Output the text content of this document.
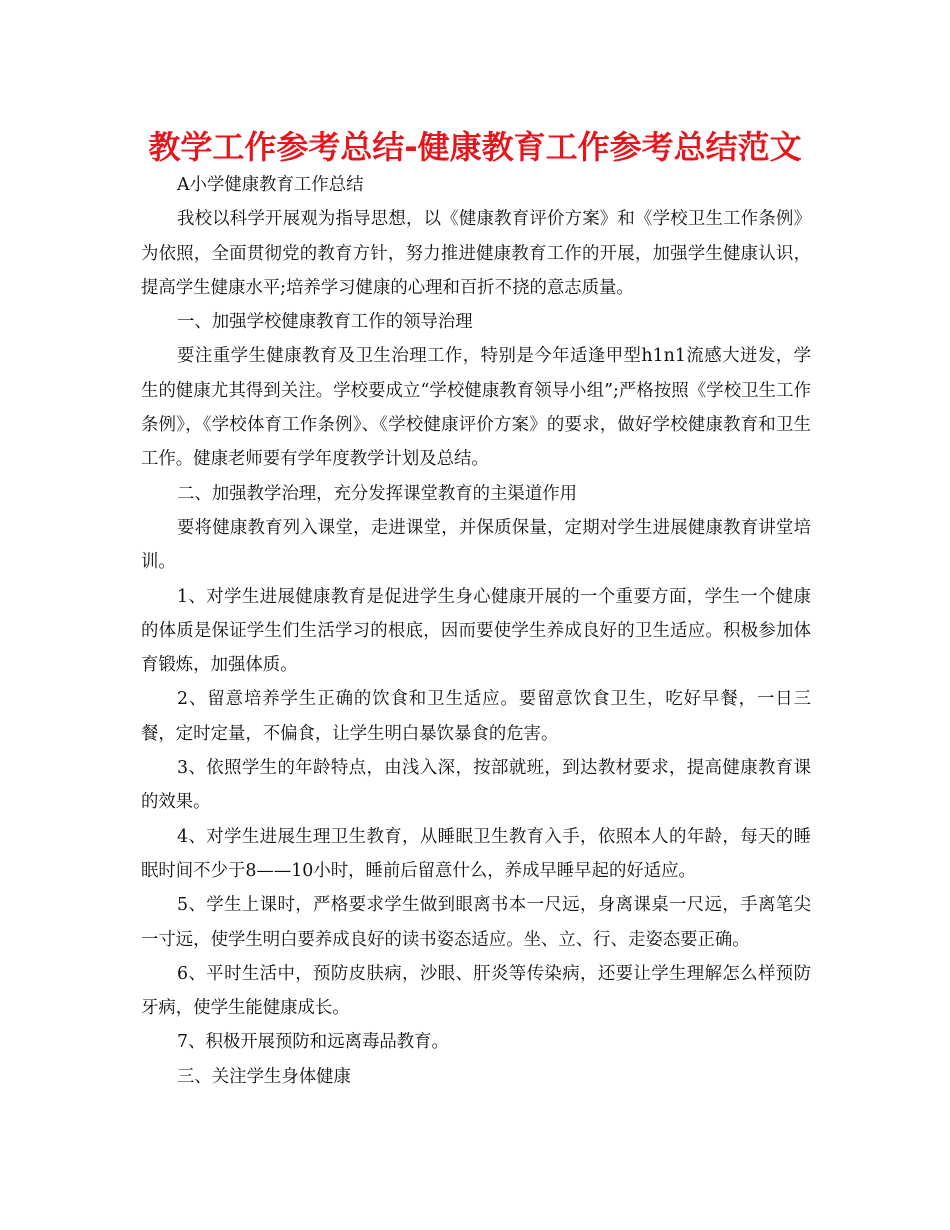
教学工作参考总结-健康教育工作参考总结范文

A小学健康教育工作总结

我校以科学开展观为指导思想，以《健康教育评价方案》和《学校卫生工作条例》为依照，全面贯彻党的教育方针，努力推进健康教育工作的开展，加强学生健康认识，提高学生健康水平;培养学习健康的心理和百折不挠的意志质量。

一、加强学校健康教育工作的领导治理

要注重学生健康教育及卫生治理工作，特别是今年适逢甲型h1n1流感大迸发，学生的健康尤其得到关注。学校要成立“学校健康教育领导小组”;严格按照《学校卫生工作条例》，《学校体育工作条例》、《学校健康评价方案》的要求，做好学校健康教育和卫生工作。健康老师要有学年度教学计划及总结。

二、加强教学治理，充分发挥课堂教育的主渠道作用

要将健康教育列入课堂，走进课堂，并保质保量，定期对学生进展健康教育讲堂培训。

1、对学生进展健康教育是促进学生身心健康开展的一个重要方面，学生一个健康的体质是保证学生们生活学习的根底，因而要使学生养成良好的卫生适应。积极参加体育锻炼，加强体质。

2、留意培养学生正确的饮食和卫生适应。要留意饮食卫生，吃好早餐，一日三餐，定时定量，不偏食，让学生明白暴饮暴食的危害。

3、依照学生的年龄特点，由浅入深，按部就班，到达教材要求，提高健康教育课的效果。

4、对学生进展生理卫生教育，从睡眠卫生教育入手，依照本人的年龄，每天的睡眠时间不少于8——10小时，睡前后留意什么，养成早睡早起的好适应。

5、学生上课时，严格要求学生做到眼离书本一尺远，身离课桌一尺远，手离笔尖一寸远，使学生明白要养成良好的读书姿态适应。坐、立、行、走姿态要正确。

6、平时生活中，预防皮肤病，沙眼、肝炎等传染病，还要让学生理解怎么样预防牙病，使学生能健康成长。

7、积极开展预防和远离毒品教育。

三、关注学生身体健康
